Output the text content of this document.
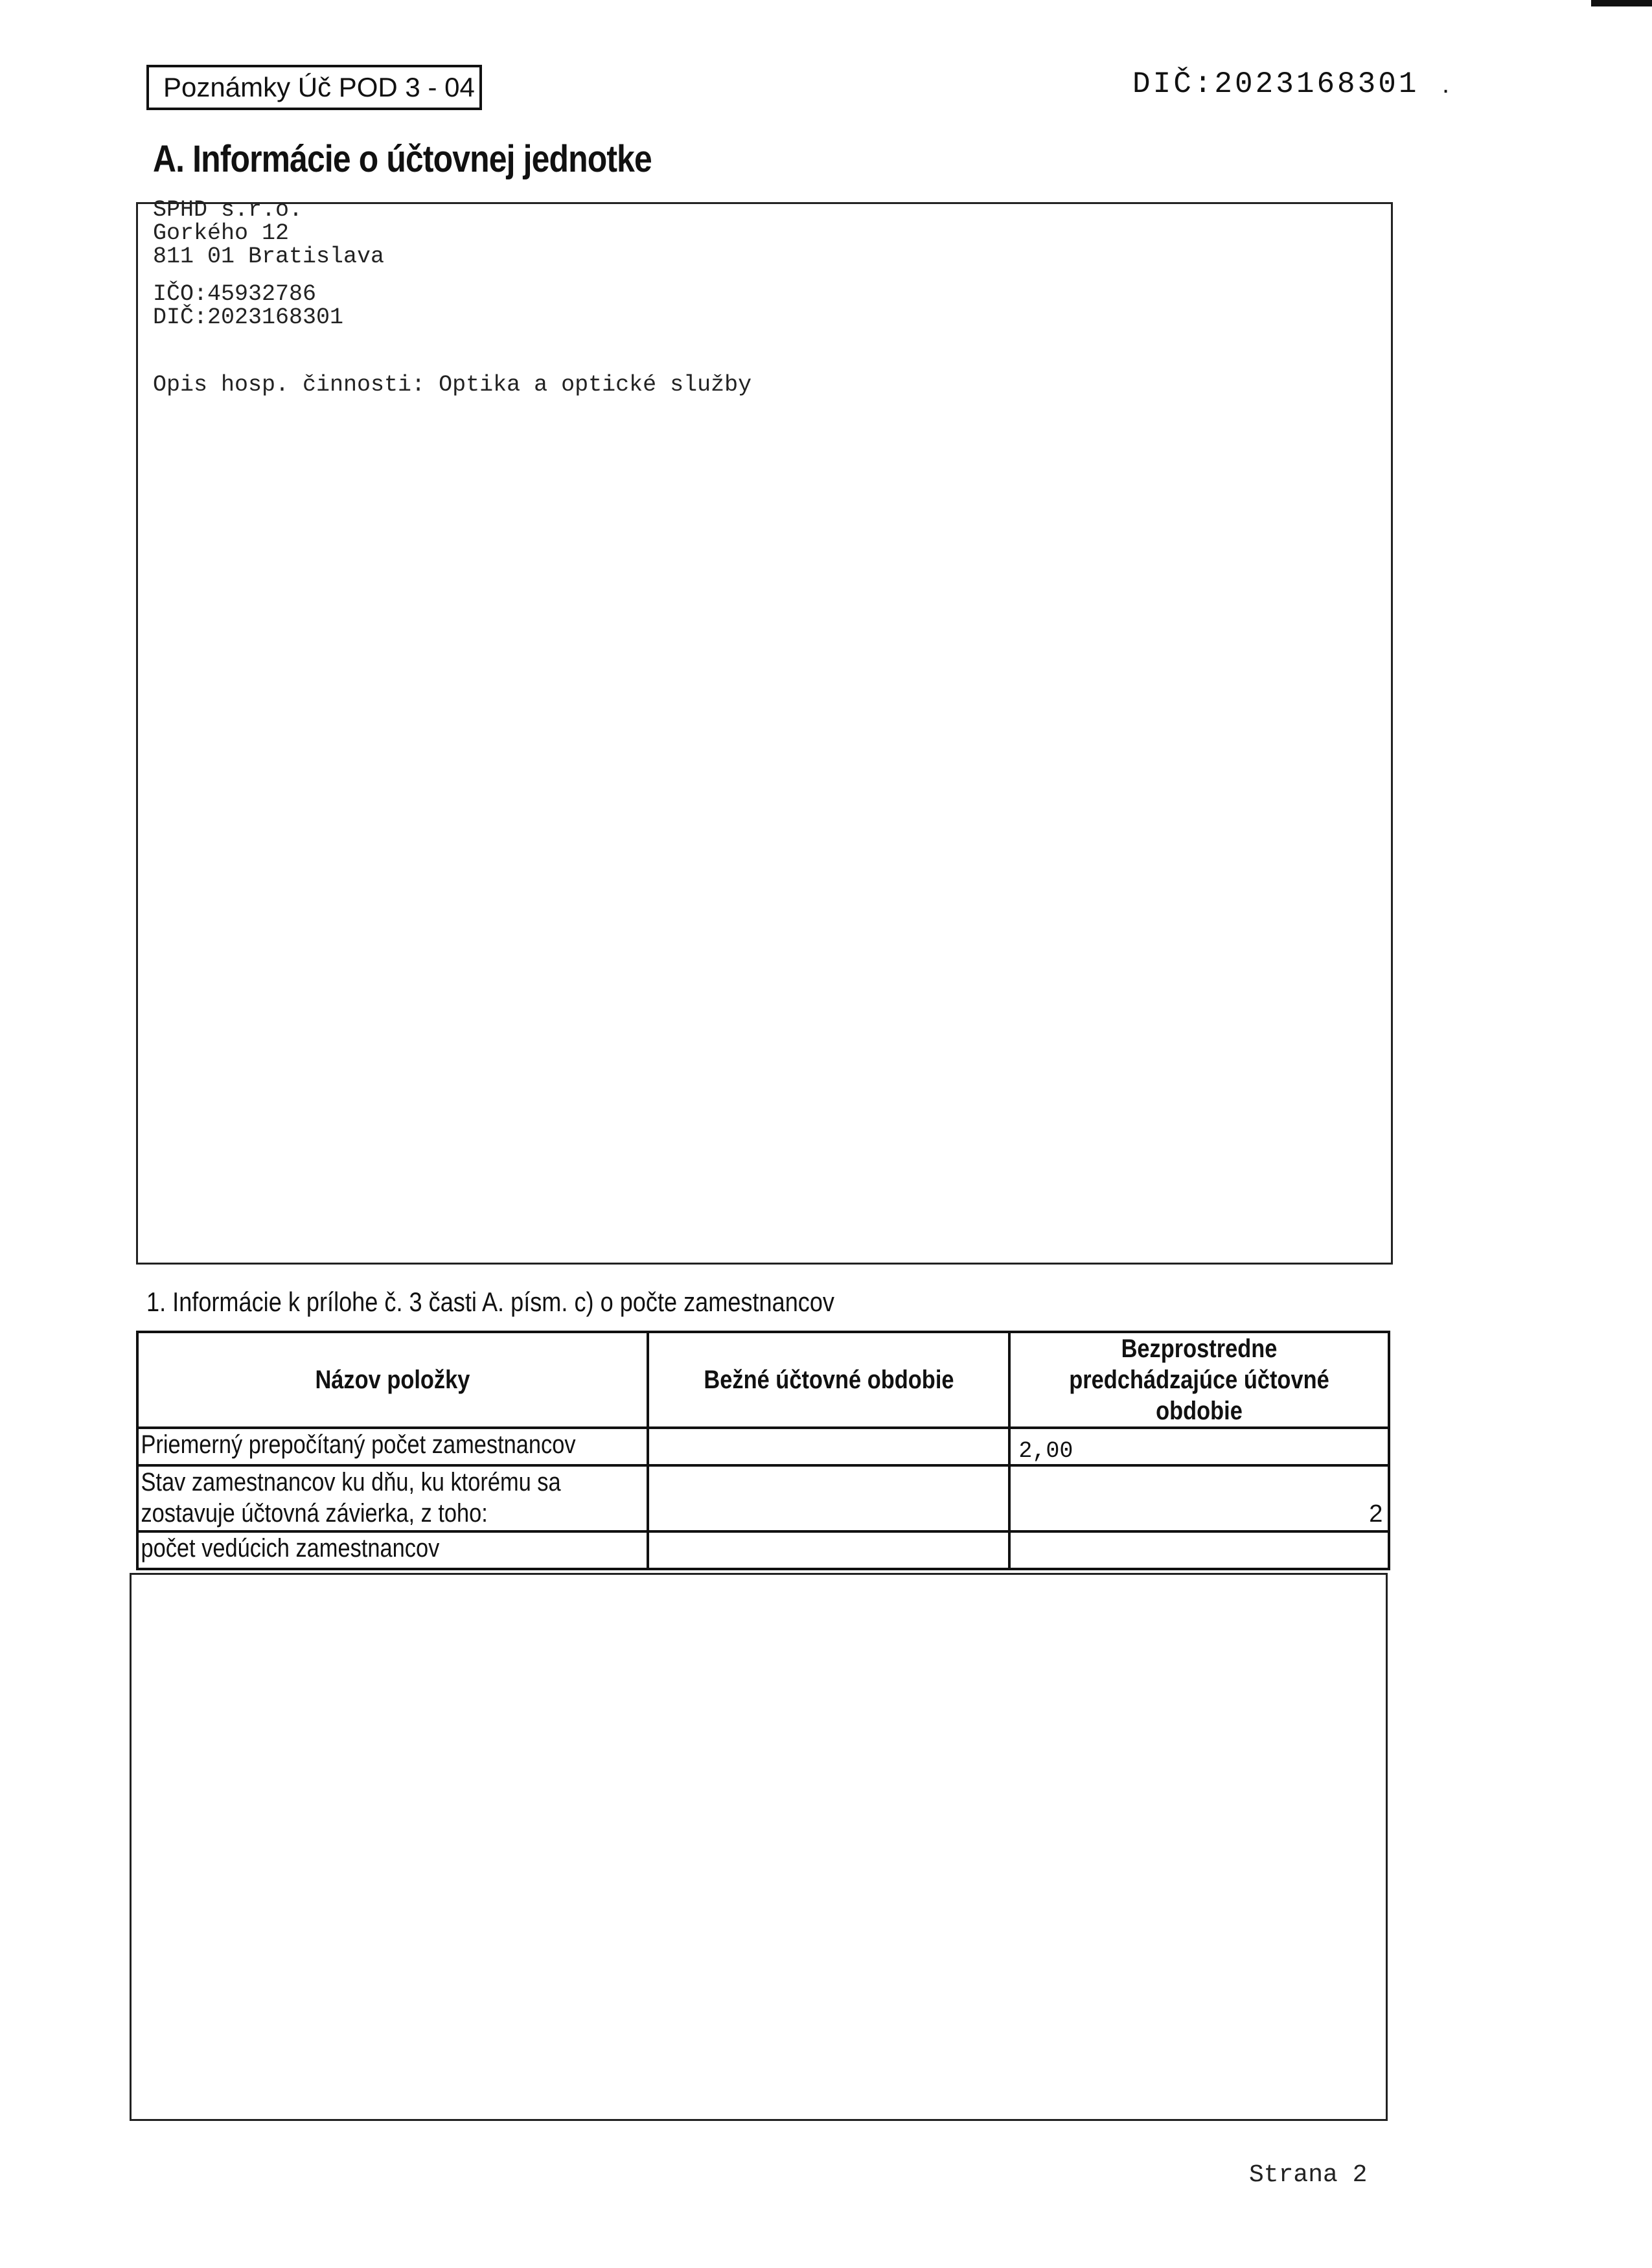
Poznámky Úč POD 3 - 04	DIČ:2023168301 .
A. Informácie o účtovnej jednotke
SPHD s.r.o.
Gorkého 12
811 01 Bratislava
IČO:45932786
DIČ:2023168301
Opis hosp. činnosti: Optika a optické služby
1. Informácie k prílohe č. 3 časti A. písm. c) o počte zamestnancov
Názov položky	Bežné účtovné obdobie	Bezprostredne predchádzajúce účtovné obdobie

Priemerný prepočítaný počet zamestnancov		2,00

Stav zamestnancov ku dňu, ku ktorému sa
zostavuje účtovná závierka, z toho:		2

počet vedúcich zamestnancov		

Strana 2
